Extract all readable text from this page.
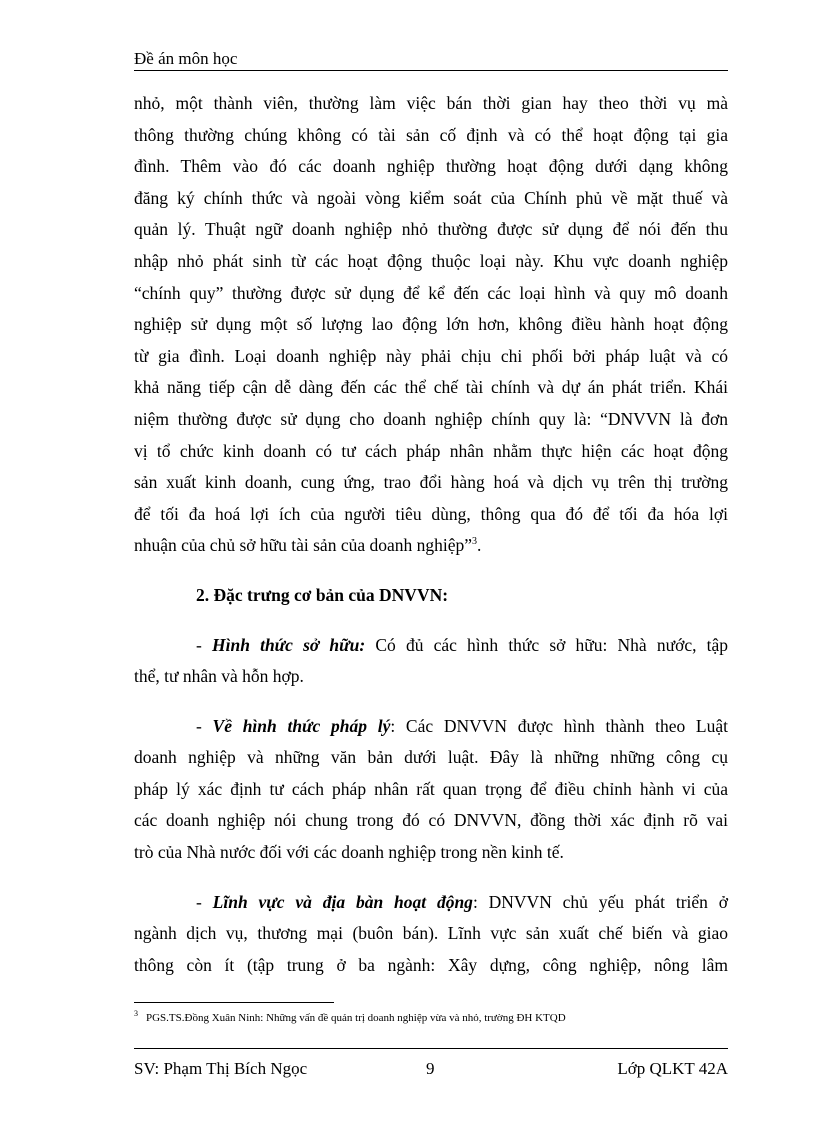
Đề án môn học
nhỏ, một thành viên, thường làm việc bán thời gian hay theo thời vụ mà
thông thường chúng không có tài sản cố định và có thể hoạt động tại gia
đình. Thêm vào đó các doanh nghiệp thường hoạt động dưới dạng không
đăng ký chính thức và ngoài vòng kiểm soát của Chính phủ về mặt thuế và
quản lý. Thuật ngữ doanh nghiệp nhỏ thường được sử dụng để nói đến thu
nhập nhỏ phát sinh từ các hoạt động thuộc loại này. Khu vực doanh nghiệp
“chính quy” thường được sử dụng để kể đến các loại hình và quy mô doanh
nghiệp sử dụng một số lượng lao động lớn hơn, không điều hành hoạt động
từ gia đình. Loại doanh nghiệp này phải chịu chi phối bởi pháp luật và có
khả năng tiếp cận dễ dàng đến các thể chế tài chính và dự án phát triển. Khái
niệm thường được sử dụng cho doanh nghiệp chính quy là: “DNVVN là đơn
vị tổ chức kinh doanh có tư cách pháp nhân nhằm thực hiện các hoạt động
sản xuất kinh doanh, cung ứng, trao đổi hàng hoá và dịch vụ trên thị trường
để tối đa hoá lợi ích của người tiêu dùng, thông qua đó để tối đa hóa lợi
nhuận của chủ sở hữu tài sản của doanh nghiệp”$^3$.

2. Đặc trưng cơ bản của DNVVN:

- Hình thức sở hữu: Có đủ các hình thức sở hữu: Nhà nước, tập
thể, tư nhân và hỗn hợp.
- Về hình thức pháp lý: Các DNVVN được hình thành theo Luật
doanh nghiệp và những văn bản dưới luật. Đây là những những công cụ
pháp lý xác định tư cách pháp nhân rất quan trọng để điều chỉnh hành vi của
các doanh nghiệp nói chung trong đó có DNVVN, đồng thời xác định rõ vai
trò của Nhà nước đối với các doanh nghiệp trong nền kinh tế.
- Lĩnh vực và địa bàn hoạt động: DNVVN chủ yếu phát triển ở
ngành dịch vụ, thương mại (buôn bán). Lĩnh vực sản xuất chế biến và giao
thông còn ít (tập trung ở ba ngành: Xây dựng, công nghiệp, nông lâm
$^3$ PGS.TS.Đồng Xuân Ninh: Những vấn đề quản trị doanh nghiệp vừa và nhỏ, trường ĐH KTQD
SV: Phạm Thị Bích Ngọc	9	Lớp QLKT 42A
